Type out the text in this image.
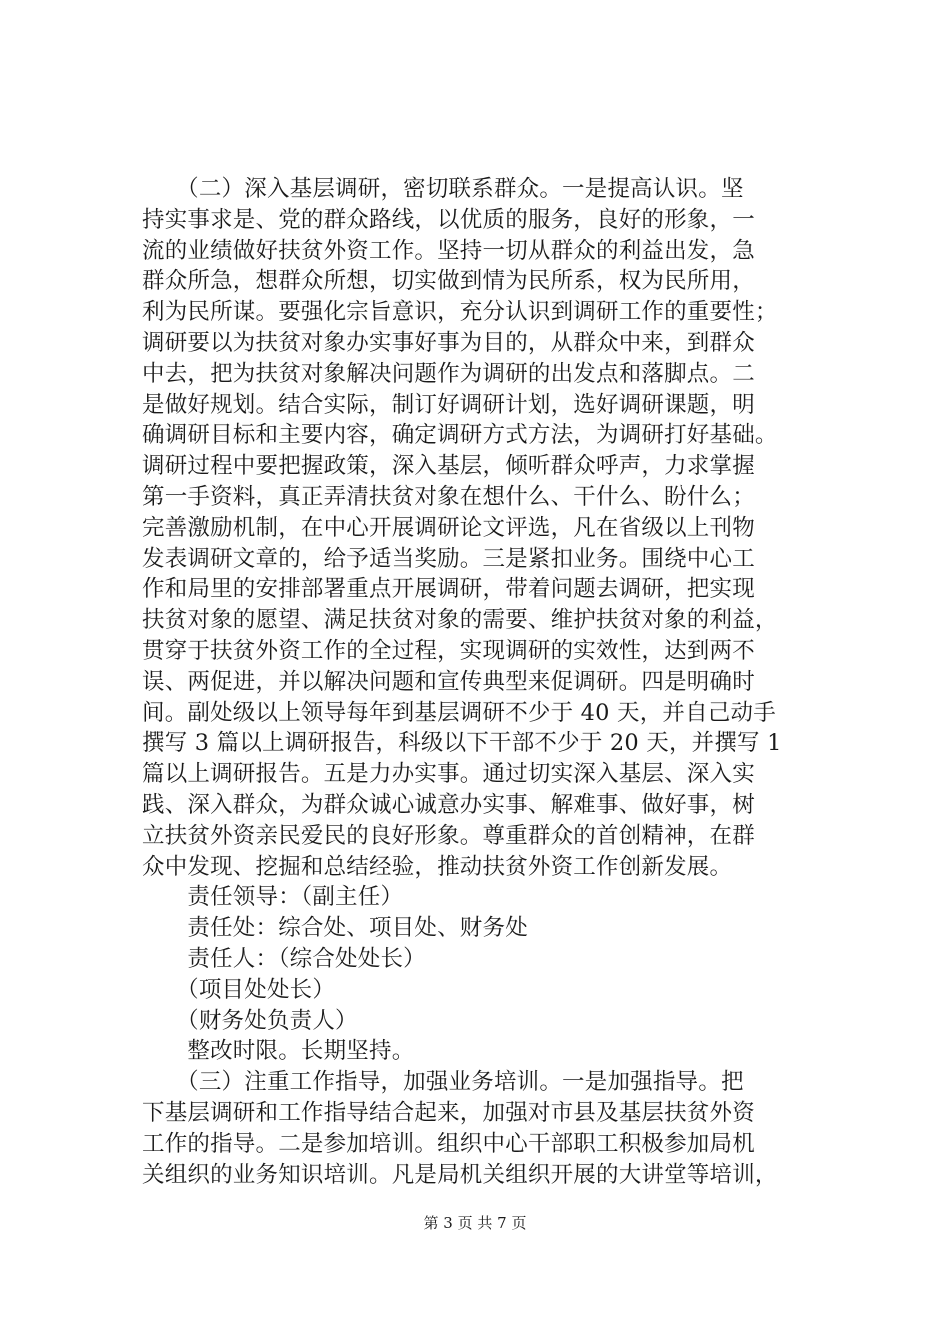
　　（二）深入基层调研，密切联系群众。一是提高认识。坚
持实事求是、党的群众路线，以优质的服务，良好的形象，一
流的业绩做好扶贫外资工作。坚持一切从群众的利益出发，急
群众所急，想群众所想，切实做到情为民所系，权为民所用，
利为民所谋。要强化宗旨意识，充分认识到调研工作的重要性；
调研要以为扶贫对象办实事好事为目的，从群众中来，到群众
中去，把为扶贫对象解决问题作为调研的出发点和落脚点。二
是做好规划。结合实际，制订好调研计划，选好调研课题，明
确调研目标和主要内容，确定调研方式方法，为调研打好基础。
调研过程中要把握政策，深入基层，倾听群众呼声，力求掌握
第一手资料，真正弄清扶贫对象在想什么、干什么、盼什么；
完善激励机制，在中心开展调研论文评选，凡在省级以上刊物
发表调研文章的，给予适当奖励。三是紧扣业务。围绕中心工
作和局里的安排部署重点开展调研，带着问题去调研，把实现
扶贫对象的愿望、满足扶贫对象的需要、维护扶贫对象的利益，
贯穿于扶贫外资工作的全过程，实现调研的实效性，达到两不
误、两促进，并以解决问题和宣传典型来促调研。四是明确时
间。副处级以上领导每年到基层调研不少于 40 天，并自己动手
撰写 3 篇以上调研报告，科级以下干部不少于 20 天，并撰写 1
篇以上调研报告。五是力办实事。通过切实深入基层、深入实
践、深入群众，为群众诚心诚意办实事、解难事、做好事，树
立扶贫外资亲民爱民的良好形象。尊重群众的首创精神，在群
众中发现、挖掘和总结经验，推动扶贫外资工作创新发展。
　　责任领导：（副主任）
　　责任处：综合处、项目处、财务处
　　责任人：（综合处处长）
　　（项目处处长）
　　（财务处负责人）
　　整改时限。长期坚持。
　　（三）注重工作指导，加强业务培训。一是加强指导。把
下基层调研和工作指导结合起来，加强对市县及基层扶贫外资
工作的指导。二是参加培训。组织中心干部职工积极参加局机
关组织的业务知识培训。凡是局机关组织开展的大讲堂等培训，
第 3 页 共 7 页
